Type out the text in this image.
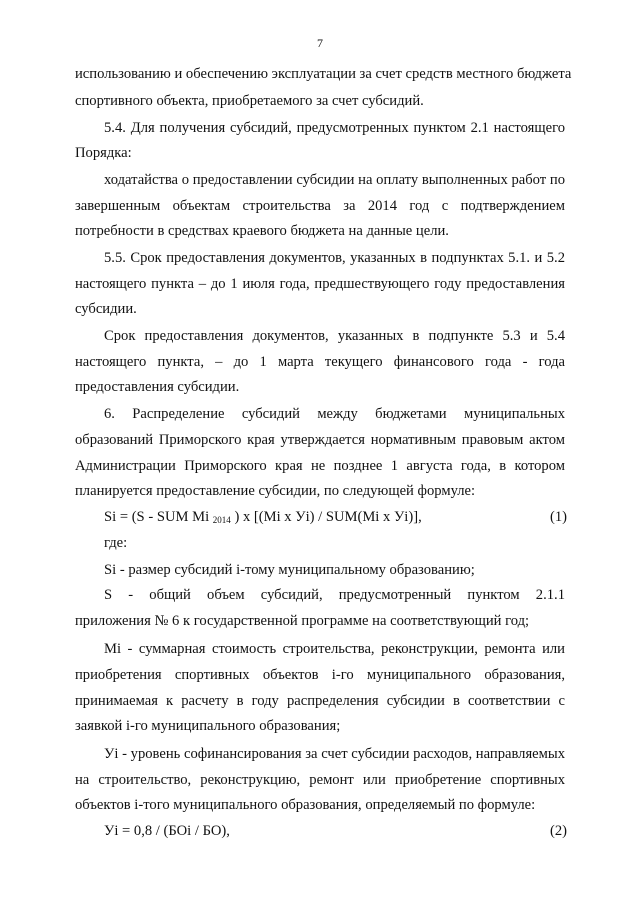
7
использованию и обеспечению эксплуатации за счет средств местного бюджета
спортивного объекта, приобретаемого за счет субсидий.
5.4. Для получения субсидий, предусмотренных пунктом 2.1 настоящего
Порядка:
ходатайства о предоставлении субсидии на оплату выполненных работ по
завершенным объектам строительства за 2014 год с подтверждением
потребности в средствах краевого бюджета на данные цели.
5.5. Срок предоставления документов, указанных в подпунктах 5.1. и 5.2
настоящего пункта – до 1 июля года, предшествующего году предоставления
субсидии.
Срок предоставления документов, указанных в подпункте 5.3 и 5.4
настоящего пункта, – до 1 марта текущего финансового года - года
предоставления субсидии.
6. Распределение субсидий между бюджетами муниципальных
образований Приморского края утверждается нормативным правовым актом
Администрации Приморского края не позднее 1 августа года, в котором
планируется предоставление субсидии, по следующей формуле:
где:
Si - размер субсидий i-тому муниципальному образованию;
S - общий объем субсидий, предусмотренный пунктом 2.1.1
приложения № 6 к государственной программе на соответствующий год;
Mi - суммарная стоимость строительства, реконструкции, ремонта или
приобретения спортивных объектов i-го муниципального образования,
принимаемая к расчету в году распределения субсидии в соответствии с
заявкой i-го муниципального образования;
Уi - уровень софинансирования за счет субсидии расходов, направляемых
на строительство, реконструкцию, ремонт или приобретение спортивных
объектов i-того муниципального образования, определяемый по формуле:
Si = (S - SUM Mi $_{2014}$ ) x [(Mi x Уi) / SUM(Mi x Уi)],	(1)
Уi = 0,8 / (БОi / БО),	(2)
